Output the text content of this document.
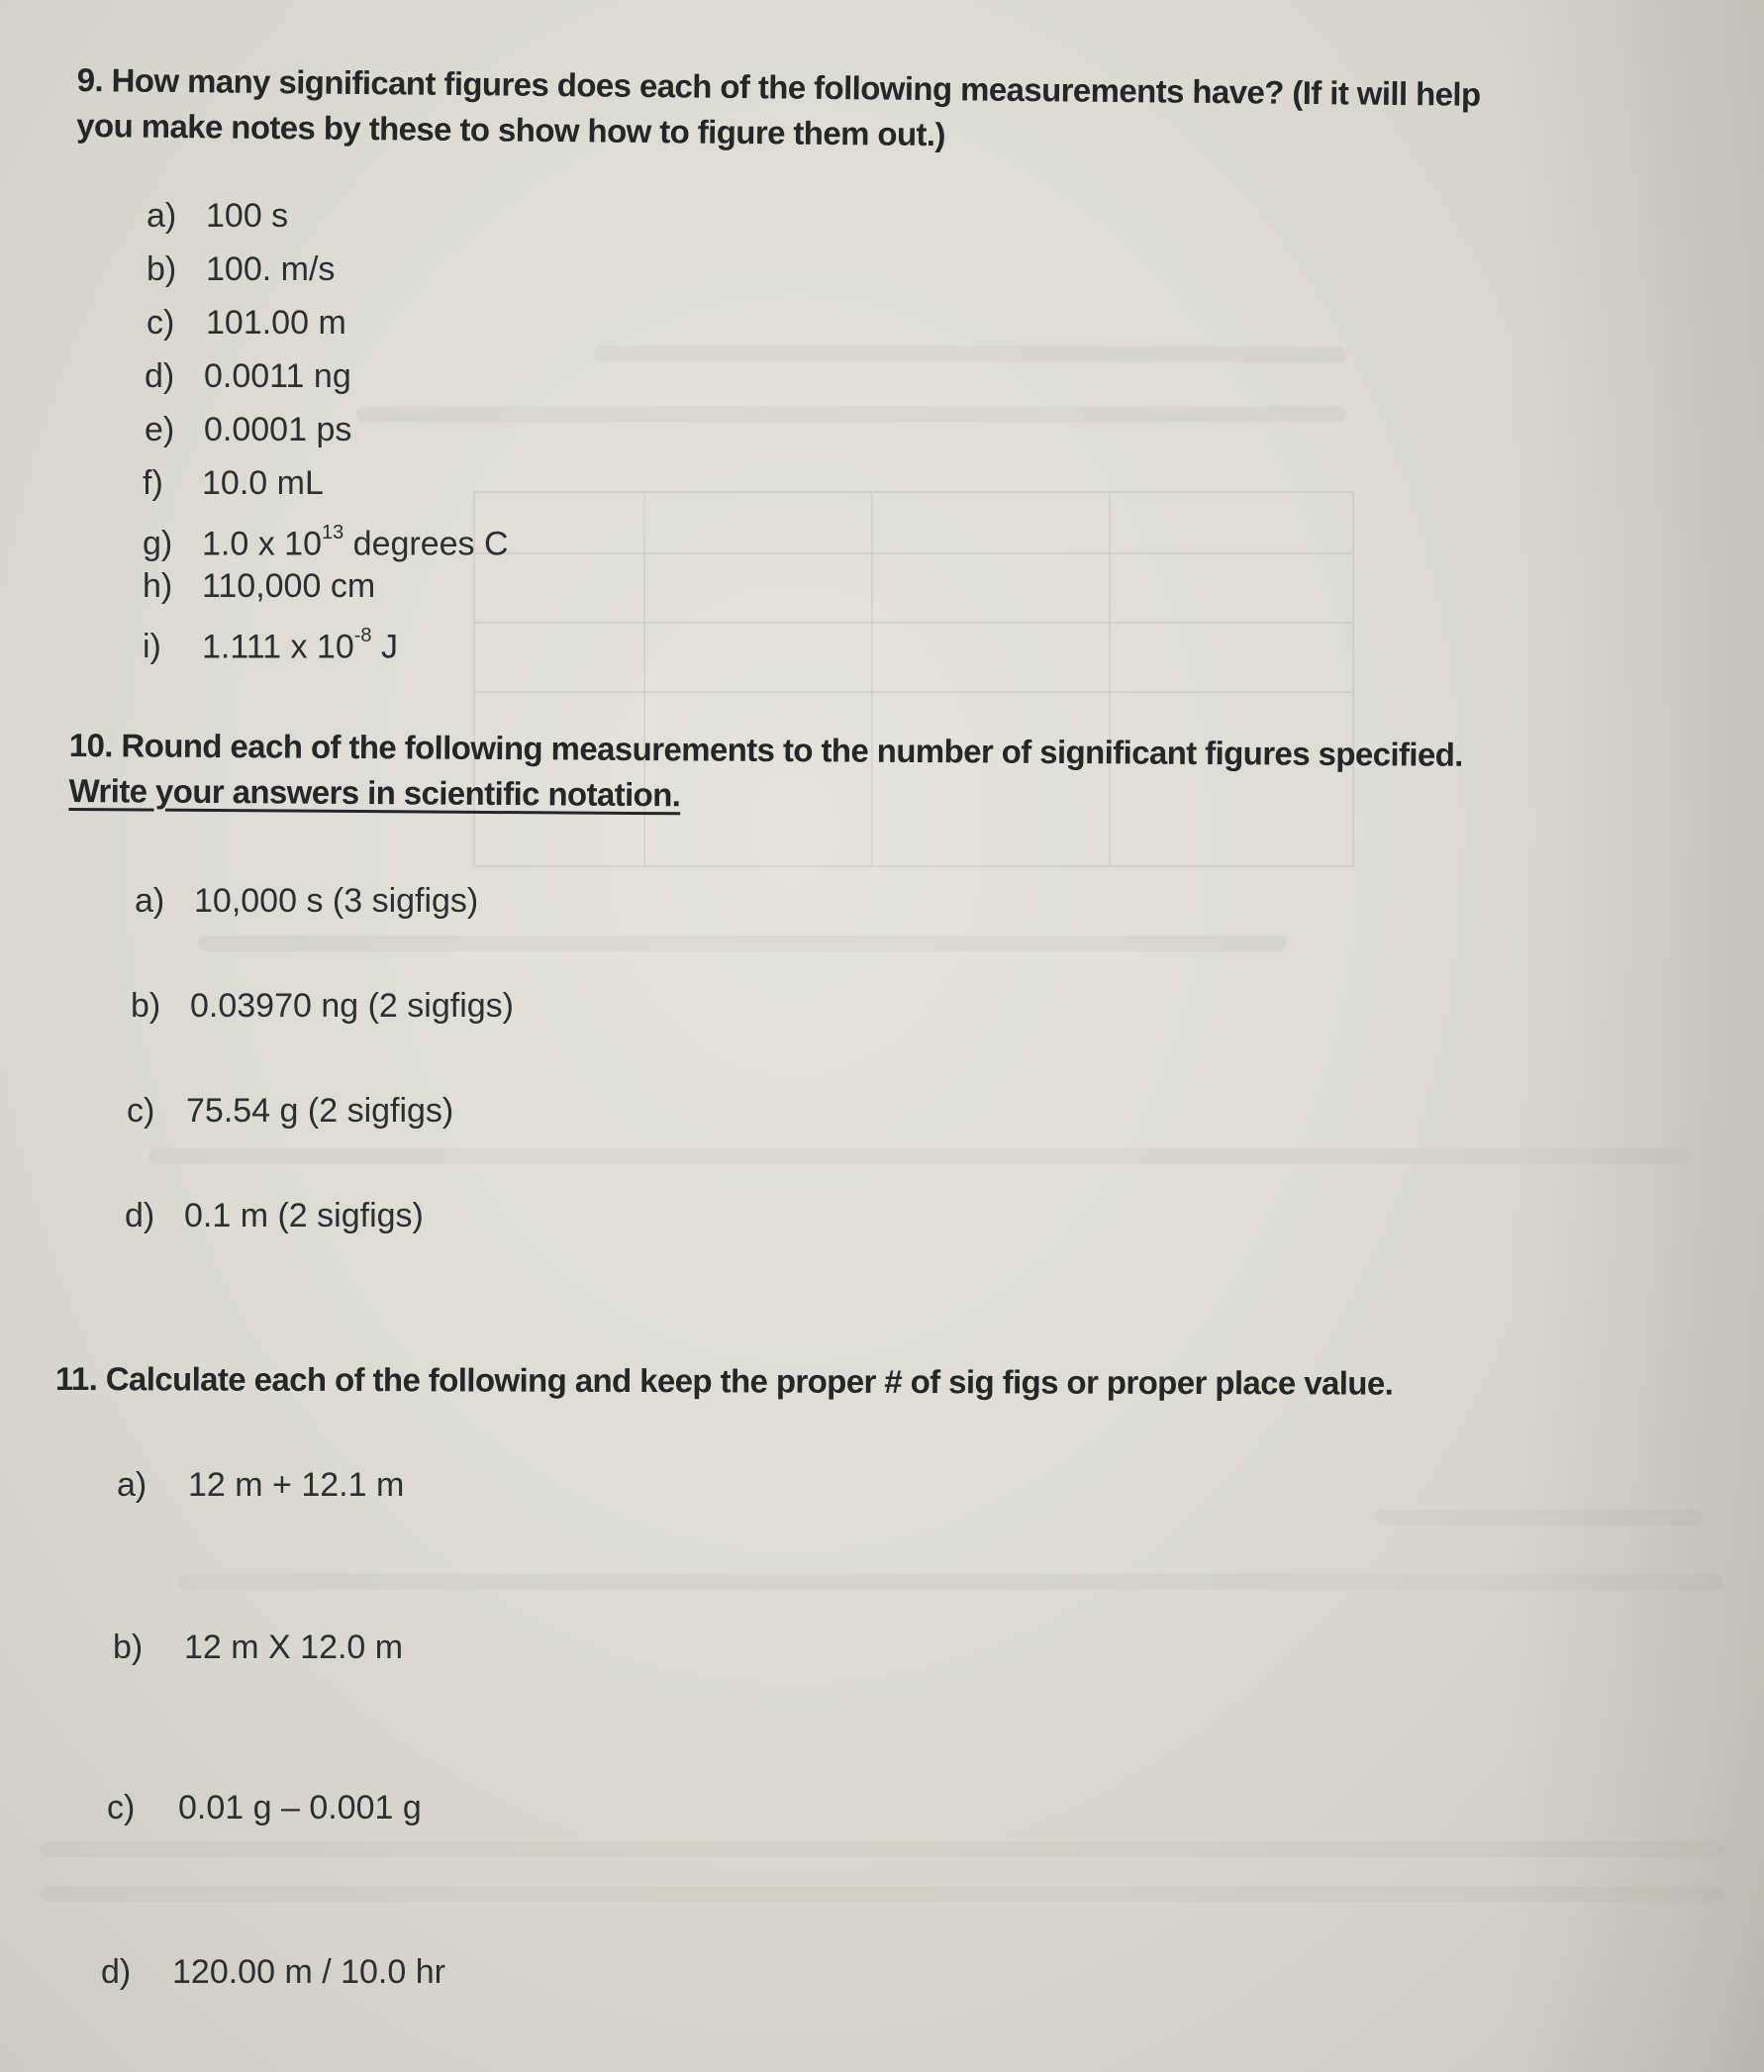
9. How many significant figures does each of the following measurements have? (If it will help
you make notes by these to show how to figure them out.)

a) 100 s
b) 100. m/s
c) 101.00 m
d) 0.0011 ng
e) 0.0001 ps
f) 10.0 mL
g) 1.0 x $10^{13}$ degrees C
h) 110,000 cm
i) 1.111 x $10^{-8}$ J

10. Round each of the following measurements to the number of significant figures specified.
Write your answers in scientific notation.

a) 10,000 s (3 sigfigs)
b) 0.03970 ng (2 sigfigs)
c) 75.54 g (2 sigfigs)
d) 0.1 m (2 sigfigs)

11. Calculate each of the following and keep the proper # of sig figs or proper place value.

a) 12 m + 12.1 m
b) 12 m X 12.0 m
c) 0.01 g – 0.001 g
d) 120.00 m / 10.0 hr
